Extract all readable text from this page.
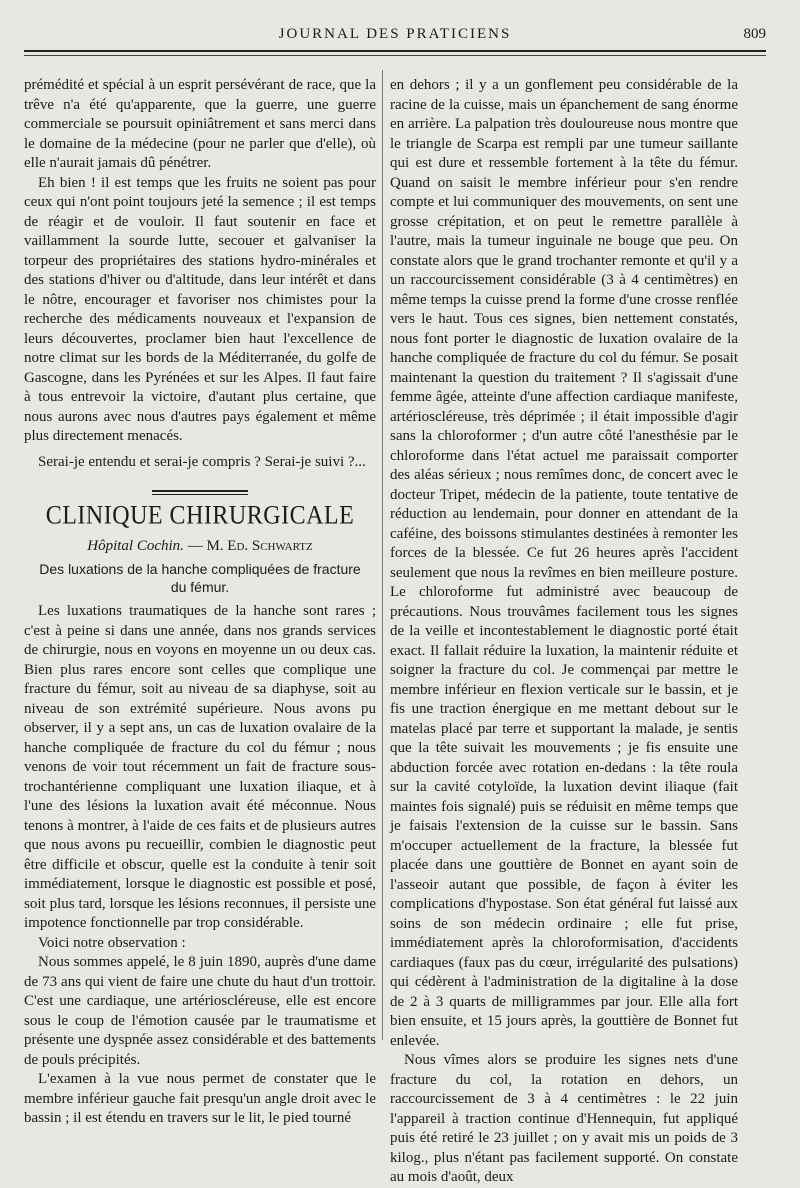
JOURNAL DES PRATICIENS	809

prémédité et spécial à un esprit persévérant de race, que la trêve n'a été qu'apparente, que la guerre, une guerre commerciale se poursuit opiniâtrement et sans merci dans le domaine de la médecine (pour ne parler que d'elle), où elle n'aurait jamais dû pénétrer.

Eh bien ! il est temps que les fruits ne soient pas pour ceux qui n'ont point toujours jeté la semence ; il est temps de réagir et de vouloir. Il faut soutenir en face et vaillamment la sourde lutte, secouer et galvaniser la torpeur des propriétaires des stations hydro-minérales et des stations d'hiver ou d'altitude, dans leur intérêt et dans le nôtre, encourager et favoriser nos chimistes pour la recherche des médicaments nouveaux et l'expansion de leurs découvertes, proclamer bien haut l'excellence de notre climat sur les bords de la Méditerranée, du golfe de Gascogne, dans les Pyrénées et sur les Alpes. Il faut faire à tous entrevoir la victoire, d'autant plus certaine, que nous aurons avec nous d'autres pays également et même plus directement menacés.

Serai-je entendu et serai-je compris ? Serai-je suivi ?...

CLINIQUE CHIRURGICALE
Hôpital Cochin. — M. Ed. Schwartz
Des luxations de la hanche compliquées de fracture du fémur.

Les luxations traumatiques de la hanche sont rares ; c'est à peine si dans une année, dans nos grands services de chirurgie, nous en voyons en moyenne un ou deux cas. Bien plus rares encore sont celles que complique une fracture du fémur, soit au niveau de sa diaphyse, soit au niveau de son extrémité supérieure. Nous avons pu observer, il y a sept ans, un cas de luxation ovalaire de la hanche compliquée de fracture du col du fémur ; nous venons de voir tout récemment un fait de fracture sous-trochantérienne compliquant une luxation iliaque, et à l'une des lésions la luxation avait été méconnue. Nous tenons à montrer, à l'aide de ces faits et de plusieurs autres que nous avons pu recueillir, combien le diagnostic peut être difficile et obscur, quelle est la conduite à tenir soit immédiatement, lorsque le diagnostic est possible et posé, soit plus tard, lorsque les lésions reconnues, il persiste une impotence fonctionnelle par trop considérable.

Voici notre observation :

Nous sommes appelé, le 8 juin 1890, auprès d'une dame de 73 ans qui vient de faire une chute du haut d'un trottoir. C'est une cardiaque, une artérioscléreuse, elle est encore sous le coup de l'émotion causée par le traumatisme et présente une dyspnée assez considérable et des battements de pouls précipités.

L'examen à la vue nous permet de constater que le membre inférieur gauche fait presqu'un angle droit avec le bassin ; il est étendu en travers sur le lit, le pied tourné

en dehors ; il y a un gonflement peu considérable de la racine de la cuisse, mais un épanchement de sang énorme en arrière. La palpation très douloureuse nous montre que le triangle de Scarpa est rempli par une tumeur saillante qui est dure et ressemble fortement à la tête du fémur. Quand on saisit le membre inférieur pour s'en rendre compte et lui communiquer des mouvements, on sent une grosse crépitation, et on peut le remettre parallèle à l'autre, mais la tumeur inguinale ne bouge que peu. On constate alors que le grand trochanter remonte et qu'il y a un raccourcissement considérable (3 à 4 centimètres) en même temps la cuisse prend la forme d'une crosse renflée vers le haut. Tous ces signes, bien nettement constatés, nous font porter le diagnostic de luxation ovalaire de la hanche compliquée de fracture du col du fémur. Se posait maintenant la question du traitement ? Il s'agissait d'une femme âgée, atteinte d'une affection cardiaque manifeste, artérioscléreuse, très déprimée ; il était impossible d'agir sans la chloroformer ; d'un autre côté l'anesthésie par le chloroforme dans l'état actuel me paraissait comporter des aléas sérieux ; nous remîmes donc, de concert avec le docteur Tripet, médecin de la patiente, toute tentative de réduction au lendemain, pour donner en attendant de la caféine, des boissons stimulantes destinées à remonter les forces de la blessée. Ce fut 26 heures après l'accident seulement que nous la revîmes en bien meilleure posture. Le chloroforme fut administré avec beaucoup de précautions. Nous trouvâmes facilement tous les signes de la veille et incontestablement le diagnostic porté était exact. Il fallait réduire la luxation, la maintenir réduite et soigner la fracture du col. Je commençai par mettre le membre inférieur en flexion verticale sur le bassin, et je fis une traction énergique en me mettant debout sur le matelas placé par terre et supportant la malade, je sentis que la tête suivait les mouvements ; je fis ensuite une abduction forcée avec rotation en-dedans : la tête roula sur la cavité cotyloïde, la luxation devint iliaque (fait maintes fois signalé) puis se réduisit en même temps que je faisais l'extension de la cuisse sur le bassin. Sans m'occuper actuellement de la fracture, la blessée fut placée dans une gouttière de Bonnet en ayant soin de l'asseoir autant que possible, de façon à éviter les complications d'hypostase. Son état général fut laissé aux soins de son médecin ordinaire ; elle fut prise, immédiatement après la chloroformisation, d'accidents cardiaques (faux pas du cœur, irrégularité des pulsations) qui cédèrent à l'administration de la digitaline à la dose de 2 à 3 quarts de milligrammes par jour. Elle alla fort bien ensuite, et 15 jours après, la gouttière de Bonnet fut enlevée.

Nous vîmes alors se produire les signes nets d'une fracture du col, la rotation en dehors, un raccourcissement de 3 à 4 centimètres : le 22 juin l'appareil à traction continue d'Hennequin, fut appliqué puis été retiré le 23 juillet ; on y avait mis un poids de 3 kilog., plus n'étant pas facilement supporté. On constate au mois d'août, deux
